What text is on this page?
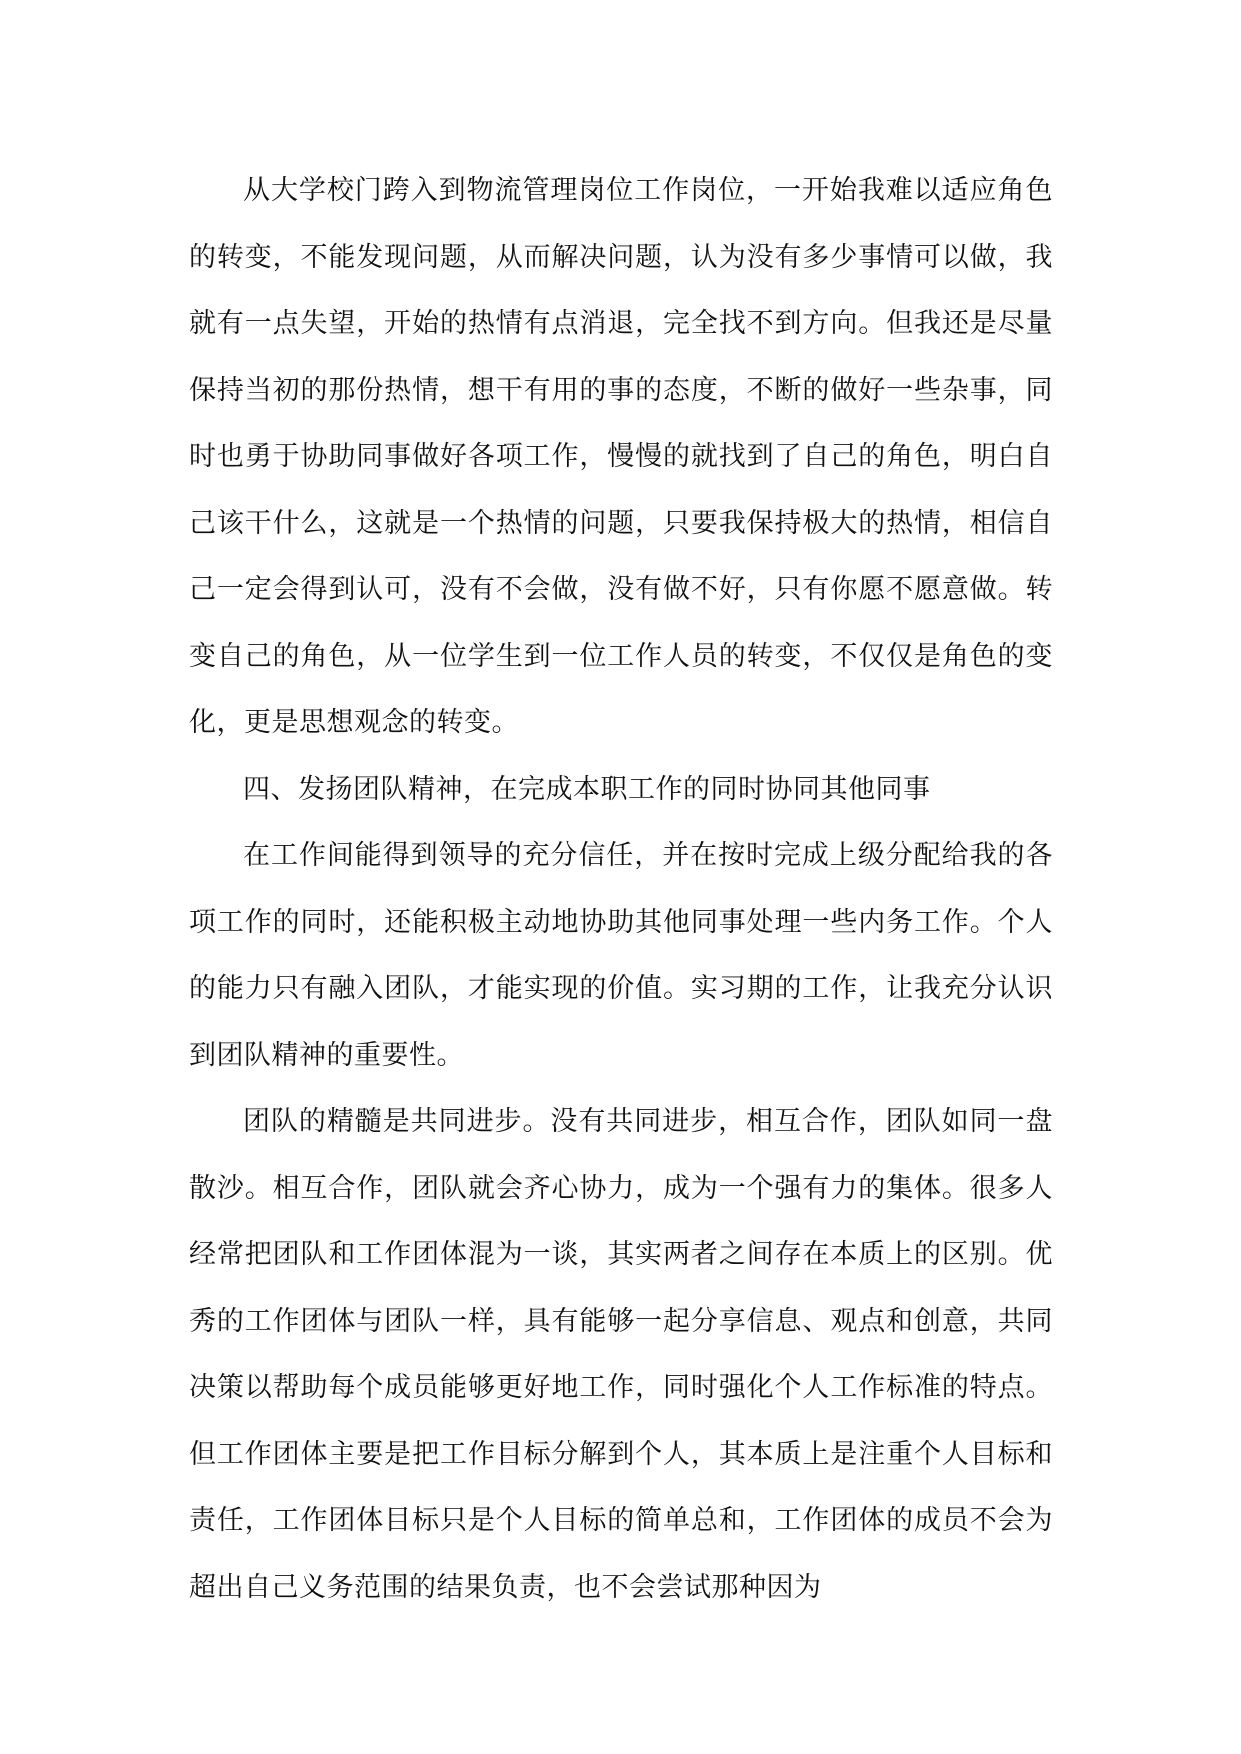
从大学校门跨入到物流管理岗位工作岗位，一开始我难以适应角色的转变，不能发现问题，从而解决问题，认为没有多少事情可以做，我就有一点失望，开始的热情有点消退，完全找不到方向。但我还是尽量保持当初的那份热情，想干有用的事的态度，不断的做好一些杂事，同时也勇于协助同事做好各项工作，慢慢的就找到了自己的角色，明白自己该干什么，这就是一个热情的问题，只要我保持极大的热情，相信自己一定会得到认可，没有不会做，没有做不好，只有你愿不愿意做。转变自己的角色，从一位学生到一位工作人员的转变，不仅仅是角色的变化，更是思想观念的转变。

四、发扬团队精神，在完成本职工作的同时协同其他同事

在工作间能得到领导的充分信任，并在按时完成上级分配给我的各项工作的同时，还能积极主动地协助其他同事处理一些内务工作。个人的能力只有融入团队，才能实现的价值。实习期的工作，让我充分认识到团队精神的重要性。

团队的精髓是共同进步。没有共同进步，相互合作，团队如同一盘散沙。相互合作，团队就会齐心协力，成为一个强有力的集体。很多人经常把团队和工作团体混为一谈，其实两者之间存在本质上的区别。优秀的工作团体与团队一样，具有能够一起分享信息、观点和创意，共同决策以帮助每个成员能够更好地工作，同时强化个人工作标准的特点。但工作团体主要是把工作目标分解到个人，其本质上是注重个人目标和责任，工作团体目标只是个人目标的简单总和，工作团体的成员不会为超出自己义务范围的结果负责，也不会尝试那种因为
